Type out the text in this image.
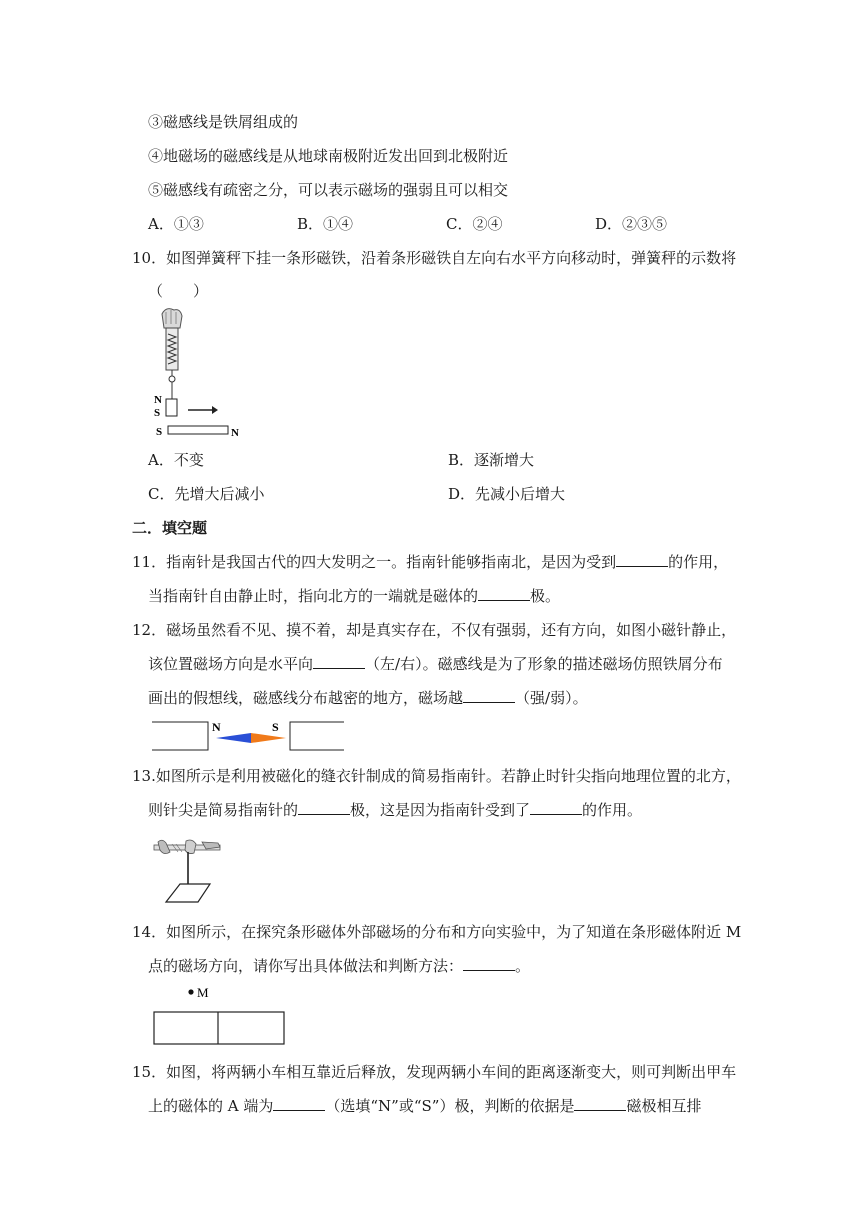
③磁感线是铁屑组成的
④地磁场的磁感线是从地球南极附近发出回到北极附近
⑤磁感线有疏密之分，可以表示磁场的强弱且可以相交
A．①③	B．①④	C．②④	D．②③⑤
10．如图弹簧秤下挂一条形磁铁，沿着条形磁铁自左向右水平方向移动时，弹簧秤的示数将
（　　）
N
S
S	N
A．不变	B．逐渐增大
C．先增大后减小	D．先减小后增大
二．填空题
11．指南针是我国古代的四大发明之一。指南针能够指南北，是因为受到	的作用，
当指南针自由静止时，指向北方的一端就是磁体的	极。
12．磁场虽然看不见、摸不着，却是真实存在，不仅有强弱，还有方向，如图小磁针静止，
该位置磁场方向是水平向	（左/右）。磁感线是为了形象的描述磁场仿照铁屑分布
画出的假想线，磁感线分布越密的地方，磁场越	（强/弱）。
N	S
13.如图所示是利用被磁化的缝衣针制成的简易指南针。若静止时针尖指向地理位置的北方，
则针尖是简易指南针的	极，这是因为指南针受到了	的作用。
14．如图所示，在探究条形磁体外部磁场的分布和方向实验中，为了知道在条形磁体附近 M
点的磁场方向，请你写出具体做法和判断方法：	。
M
15．如图，将两辆小车相互靠近后释放，发现两辆小车间的距离逐渐变大，则可判断出甲车
上的磁体的 A 端为	（选填“N”或“S”）极，判断的依据是	磁极相互排
